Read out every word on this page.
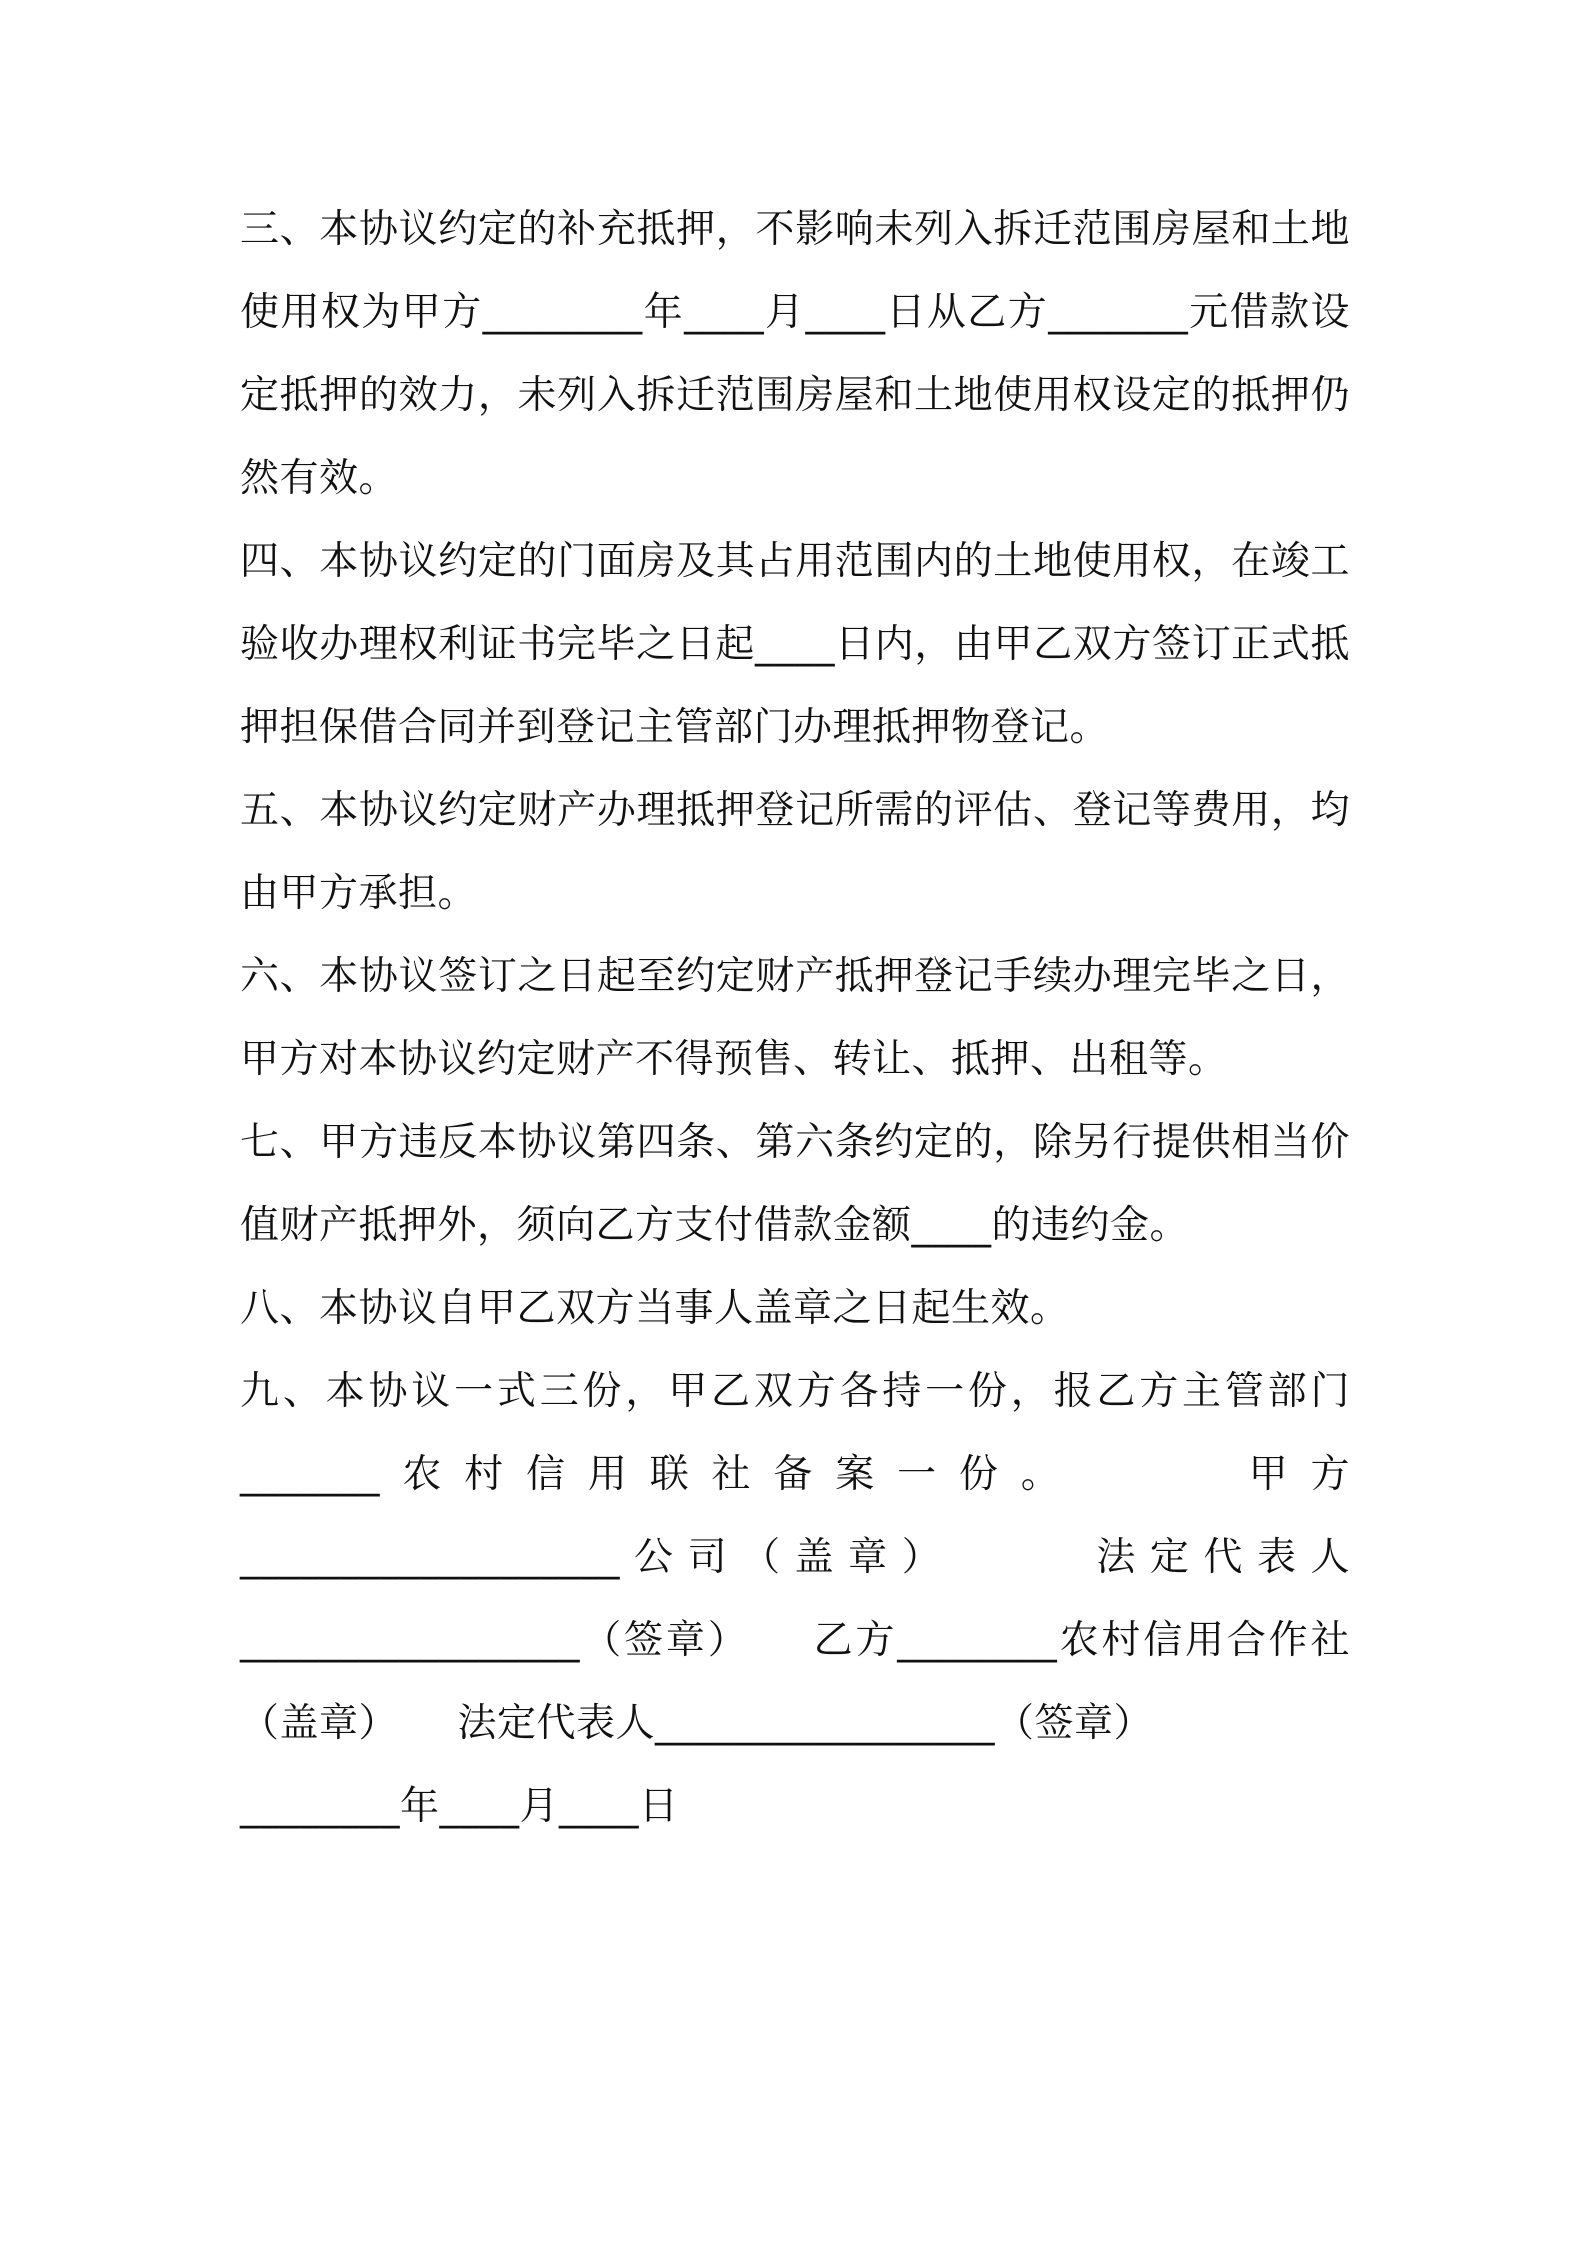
三、本协议约定的补充抵押，不影响未列入拆迁范围房屋和土地使用权为甲方________年____月____日从乙方_______元借款设定抵押的效力，未列入拆迁范围房屋和土地使用权设定的抵押仍然有效。

四、本协议约定的门面房及其占用范围内的土地使用权，在竣工验收办理权利证书完毕之日起____日内，由甲乙双方签订正式抵押担保借合同并到登记主管部门办理抵押物登记。

五、本协议约定财产办理抵押登记所需的评估、登记等费用，均由甲方承担。

六、本协议签订之日起至约定财产抵押登记手续办理完毕之日，甲方对本协议约定财产不得预售、转让、抵押、出租等。

七、甲方违反本协议第四条、第六条约定的，除另行提供相当价值财产抵押外，须向乙方支付借款金额____的违约金。

八、本协议自甲乙双方当事人盖章之日起生效。

九、本协议一式三份，甲乙双方各持一份，报乙方主管部门_______农村信用联社备案一份。　　　甲方___________________公司（盖章）　　　法定代表人_________________（签章）　　乙方________农村信用合作社（盖章）　　法定代表人_________________（签章）

________年____月____日
